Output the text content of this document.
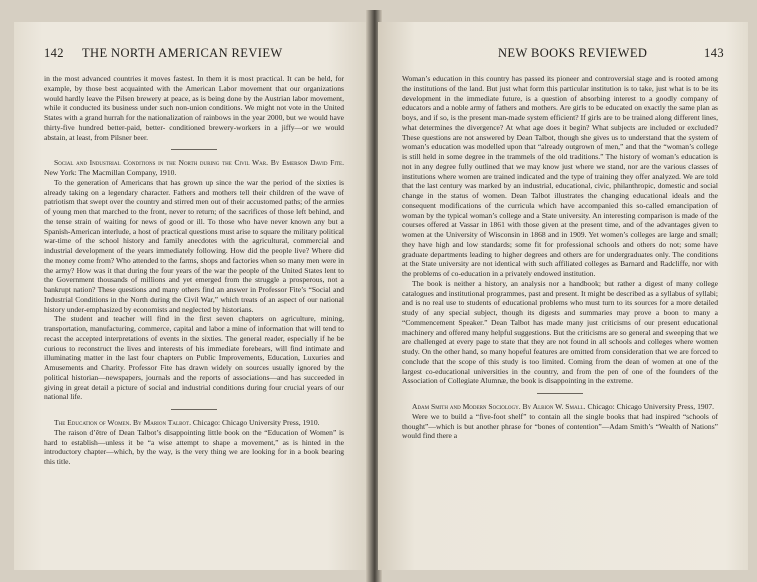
142 THE NORTH AMERICAN REVIEW

in the most advanced countries it moves fastest. In them it is most practical. It can be held, for example, by those best acquainted with the American Labor movement that our organizations would hardly leave the Pilsen brewery at peace, as is being done by the Austrian labor movement, while it conducted its business under such non-union conditions. We might not vote in the United States with a grand hurrah for the nationalization of rainbows in the year 2000, but we would have thirty-five hundred better-paid, better- conditioned brewery-workers in a jiffy—or we would abstain, at least, from Pilsner beer.

Social and Industrial Conditions in the North during the Civil War. By Emerson David Fite. New York: The Macmillan Company, 1910.

To the generation of Americans that has grown up since the war the period of the sixties is already taking on a legendary character. Fathers and mothers tell their children of the wave of patriotism that swept over the country and stirred men out of their accustomed paths; of the armies of young men that marched to the front, never to return; of the sacrifices of those left behind, and the tense strain of waiting for news of good or ill. To those who have never known any but a Spanish-American interlude, a host of practical questions must arise to square the military political war-time of the school history and family anecdotes with the agricultural, commercial and industrial development of the years immediately following. How did the people live? Where did the money come from? Who attended to the farms, shops and factories when so many men were in the army? How was it that during the four years of the war the people of the United States lent to the Government thousands of millions and yet emerged from the struggle a prosperous, not a bankrupt nation? These questions and many others find an answer in Professor Fite’s “Social and Industrial Conditions in the North during the Civil War,” which treats of an aspect of our national history under-emphasized by economists and neglected by historians.

The student and teacher will find in the first seven chapters on agriculture, mining, transportation, manufacturing, commerce, capital and labor a mine of information that will tend to recast the accepted interpretations of events in the sixties. The general reader, especially if he be curious to reconstruct the lives and interests of his immediate forebears, will find intimate and illuminating matter in the last four chapters on Public Improvements, Education, Luxuries and Amusements and Charity. Professor Fite has drawn widely on sources usually ignored by the political historian—newspapers, journals and the reports of associations—and has succeeded in giving in great detail a picture of social and industrial conditions during four crucial years of our national life.

The Education of Women. By Marion Talbot. Chicago: Chicago University Press, 1910.

The raison d’être of Dean Talbot’s disappointing little book on the “Education of Women” is hard to establish—unless it be “a wise attempt to shape a movement,” as is hinted in the introductory chapter—which, by the way, is the very thing we are looking for in a book bearing this title.

NEW BOOKS REVIEWED	143

Woman’s education in this country has passed its pioneer and controversial stage and is rooted among the institutions of the land. But just what form this particular institution is to take, just what is to be its development in the immediate future, is a question of absorbing interest to a goodly company of educators and a noble army of fathers and mothers. Are girls to be educated on exactly the same plan as boys, and if so, is the present man-made system efficient? If girls are to be trained along different lines, what determines the divergence? At what age does it begin? What subjects are included or excluded? These questions are not answered by Dean Talbot, though she gives us to understand that the system of woman’s education was modelled upon that “already outgrown of men,” and that the “woman’s college is still held in some degree in the trammels of the old traditions.” The history of woman’s education is not in any degree fully outlined that we may know just where we stand, nor are the various classes of institutions where women are trained indicated and the type of training they offer analyzed. We are told that the last century was marked by an industrial, educational, civic, philanthropic, domestic and social change in the status of women. Dean Talbot illustrates the changing educational ideals and the consequent modifications of the curricula which have accompanied this so-called emancipation of woman by the typical woman’s college and a State university. An interesting comparison is made of the courses offered at Vassar in 1861 with those given at the present time, and of the advantages given to women at the University of Wisconsin in 1868 and in 1909. Yet women’s colleges are large and small; they have high and low standards; some fit for professional schools and others do not; some have graduate departments leading to higher degrees and others are for undergraduates only. The conditions at the State university are not identical with such affiliated colleges as Barnard and Radcliffe, nor with the problems of co-education in a privately endowed institution.

The book is neither a history, an analysis nor a handbook; but rather a digest of many college catalogues and institutional programmes, past and present. It might be described as a syllabus of syllabi; and is no real use to students of educational problems who must turn to its sources for a more detailed study of any special subject, though its digests and summaries may prove a boon to many a “Commencement Speaker.” Dean Talbot has made many just criticisms of our present educational machinery and offered many helpful suggestions. But the criticisms are so general and sweeping that we are challenged at every page to state that they are not found in all schools and colleges where women study. On the other hand, so many hopeful features are omitted from consideration that we are forced to conclude that the scope of this study is too limited. Coming from the dean of women at one of the largest co-educational universities in the country, and from the pen of one of the founders of the Association of Collegiate Alumnæ, the book is disappointing in the extreme.

Adam Smith and Modern Sociology. By Albion W. Small. Chicago: Chicago University Press, 1907.

Were we to build a “five-foot shelf” to contain all the single books that had inspired “schools of thought”—which is but another phrase for “bones of contention”—Adam Smith’s “Wealth of Nations” would find there a
